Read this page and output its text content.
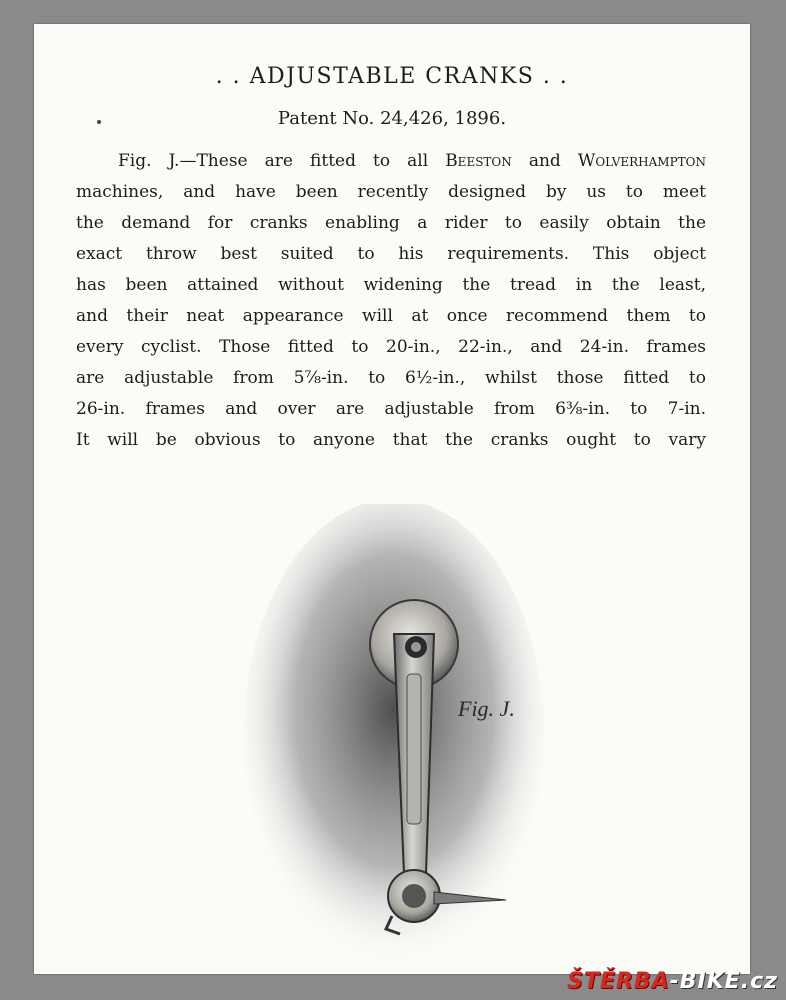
. . ADJUSTABLE CRANKS . .
Patent No. 24,426, 1896.
Fig. J.—These are fitted to all Beeston and Wolverhampton
machines, and have been recently designed by us to meet
the demand for cranks enabling a rider to easily obtain the
exact throw best suited to his requirements. This object
has been attained without widening the tread in the least,
and their neat appearance will at once recommend them to
every cyclist. Those fitted to 20-in., 22-in., and 24-in. frames
are adjustable from 5⅞-in. to 6½-in., whilst those fitted to
26-in. frames and over are adjustable from 6⅜-in. to 7-in.
It will be obvious to anyone that the cranks ought to vary
Fig. J.
ŠTĚRBA-BIKE.cz
